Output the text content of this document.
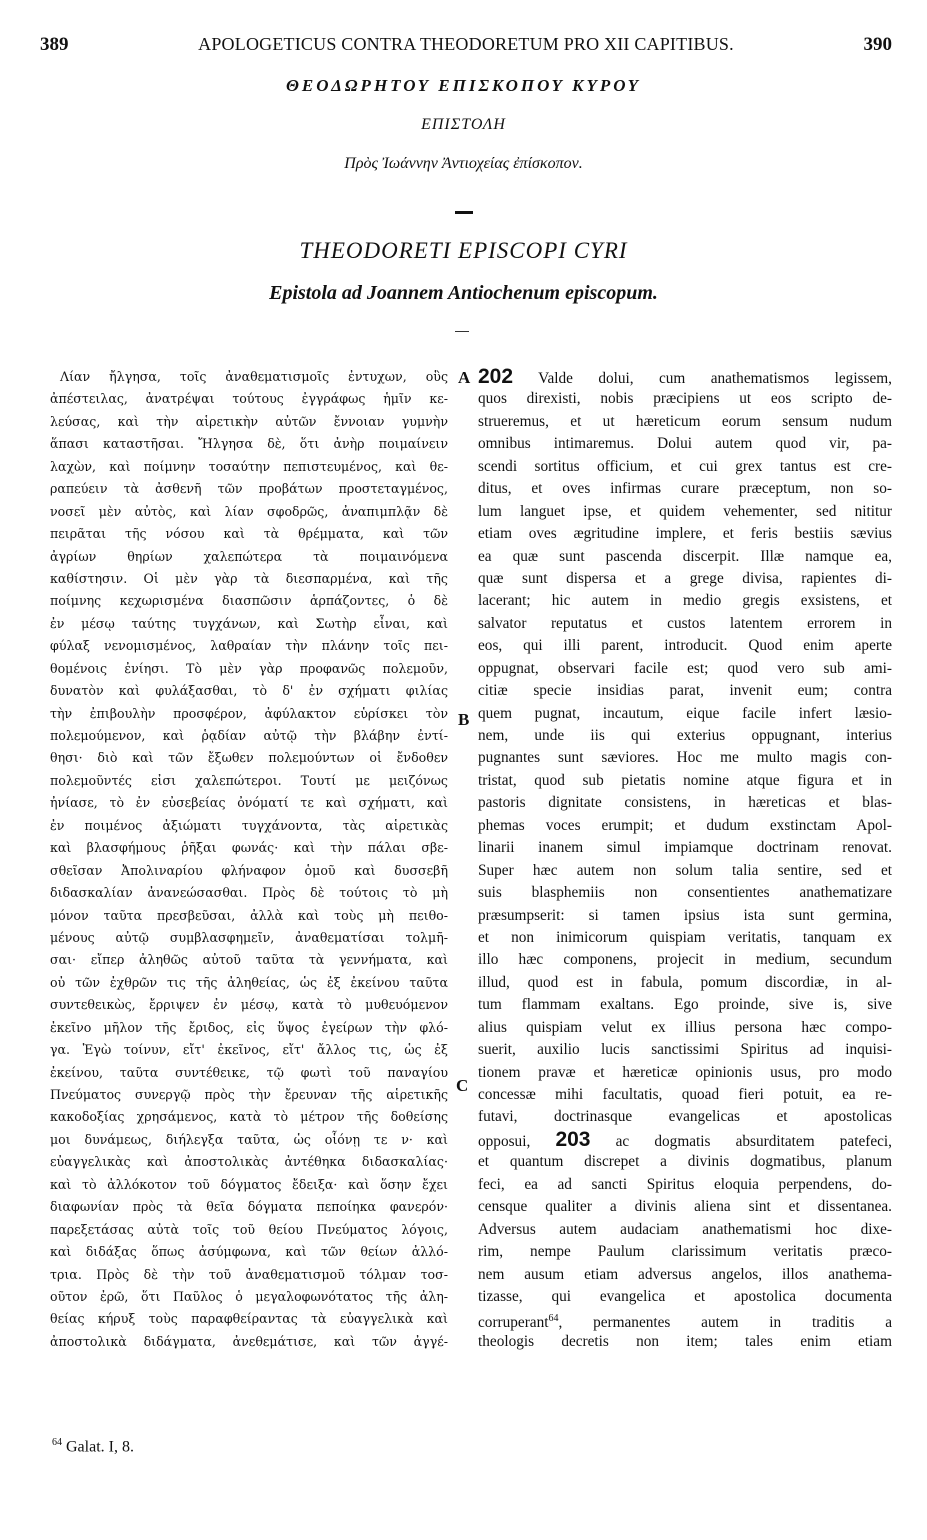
389	APOLOGETICUS CONTRA THEODORETUM PRO XII CAPITIBUS.	390
ΘΕΟΔΩΡΗΤΟΥ ΕΠΙΣΚΟΠΟΥ ΚΥΡΟΥ
ΕΠΙΣΤΟΛΗ
Πρὸς Ἰωάννην Ἀντιοχείας ἐπίσκοπον.
THEODORETI EPISCOPI CYRI
Epistola ad Joannem Antiochenum episcopum.
A
B
C
Λίαν ἤλγησα, τοῖς ἀναθεματισμοῖς ἐντυχων, οὓς
ἀπέστειλας, ἀνατρέψαι τούτους ἐγγράφως ἡμῖν κε-
λεύσας, καὶ τὴν αἱρετικὴν αὐτῶν ἔννοιαν γυμνὴν
ἅπασι καταστῆσαι. Ἤλγησα δὲ, ὅτι ἀνὴρ ποιμαίνειν
λαχὼν, καὶ ποίμνην τοσαύτην πεπιστευμένος, καὶ θε-
ραπεύειν τὰ ἀσθενῆ τῶν προβάτων προστεταγμένος,
νοσεῖ μὲν αὐτὸς, καὶ λίαν σφοδρῶς, ἀναπιμπλᾷν δὲ
πειρᾶται τῆς νόσου καὶ τὰ θρέμματα, καὶ τῶν
ἀγρίων θηρίων χαλεπώτερα τὰ ποιμαινόμενα
καθίστησιν. Οἱ μὲν γὰρ τὰ διεσπαρμένα, καὶ τῆς
ποίμνης κεχωρισμένα διασπῶσιν ἁρπάζοντες, ὁ δὲ
ἐν μέσῳ ταύτης τυγχάνων, καὶ Σωτὴρ εἶναι, καὶ
φύλαξ νενομισμένος, λαθραίαν τὴν πλάνην τοῖς πει-
θομένοις ἐνίησι. Τὸ μὲν γὰρ προφανῶς πολεμοῦν,
δυνατὸν καὶ φυλάξασθαι, τὸ δ' ἐν σχήματι φιλίας
τὴν ἐπιβουλὴν προσφέρον, ἀφύλακτον εὑρίσκει τὸν
πολεμούμενον, καὶ ῥᾳδίαν αὐτῷ τὴν βλάβην ἐντί-
θησι· διὸ καὶ τῶν ἔξωθεν πολεμούντων οἱ ἔνδοθεν
πολεμοῦντές εἰσι χαλεπώτεροι. Τουτί με μειζόνως
ἠνίασε, τὸ ἐν εὐσεβείας ὀνόματί τε καὶ σχήματι, καὶ
ἐν ποιμένος ἀξιώματι τυγχάνοντα, τὰς αἱρετικὰς
καὶ βλασφήμους ῥῆξαι φωνάς· καὶ τὴν πάλαι σβε-
σθεῖσαν Ἀπολιναρίου φλήναφον ὁμοῦ καὶ δυσσεβῆ
διδασκαλίαν ἀνανεώσασθαι. Πρὸς δὲ τούτοις τὸ μὴ
μόνον ταῦτα πρεσβεῦσαι, ἀλλὰ καὶ τοὺς μὴ πειθο-
μένους αὐτῷ συμβλασφημεῖν, ἀναθεματίσαι τολμῆ-
σαι· εἴπερ ἀληθῶς αὐτοῦ ταῦτα τὰ γεννήματα, καὶ
οὐ τῶν ἐχθρῶν τις τῆς ἀληθείας, ὡς ἐξ ἐκείνου ταῦτα
συντεθεικὼς, ἔρριψεν ἐν μέσῳ, κατὰ τὸ μυθευόμενον
ἐκεῖνο μῆλον τῆς ἔριδος, εἰς ὕψος ἐγείρων τὴν φλό-
γα. Ἐγὼ τοίνυν, εἴτ' ἐκεῖνος, εἴτ' ἄλλος τις, ὡς ἐξ
ἐκείνου, ταῦτα συντέθεικε, τῷ φωτὶ τοῦ παναγίου
Πνεύματος συνεργῷ πρὸς τὴν ἔρευναν τῆς αἱρετικῆς
κακοδοξίας χρησάμενος, κατὰ τὸ μέτρον τῆς δοθείσης
μοι δυνάμεως, διήλεγξα ταῦτα, ὡς οἷόνῃ τε ν· καὶ
εὐαγγελικὰς καὶ ἀποστολικὰς ἀντέθηκα διδασκαλίας·
καὶ τὸ ἀλλόκοτον τοῦ δόγματος ἔδειξα· καὶ ὅσην ἔχει
διαφωνίαν πρὸς τὰ θεῖα δόγματα πεποίηκα φανερόν·
παρεξετάσας αὐτὰ τοῖς τοῦ θείου Πνεύματος λόγοις,
καὶ διδάξας ὅπως ἀσύμφωνα, καὶ τῶν θείων ἀλλό-
τρια. Πρὸς δὲ τὴν τοῦ ἀναθεματισμοῦ τόλμαν τοσ-
οῦτον ἐρῶ, ὅτι Παῦλος ὁ μεγαλοφωνότατος τῆς ἀλη-
θείας κήρυξ τοὺς παραφθείραντας τὰ εὐαγγελικὰ καὶ
ἀποστολικὰ διδάγματα, ἀνεθεμάτισε, καὶ τῶν ἀγγέ-
202 Valde dolui, cum anathematismos legissem,
quos direxisti, nobis præcipiens ut eos scripto de-
strueremus, et ut hæreticum eorum sensum nudum
omnibus intimaremus. Dolui autem quod vir, pa-
scendi sortitus officium, et cui grex tantus est cre-
ditus, et oves infirmas curare præceptum, non so-
lum languet ipse, et quidem vehementer, sed nititur
etiam oves ægritudine implere, et feris bestiis sævius
ea quæ sunt pascenda discerpit. Illæ namque ea,
quæ sunt dispersa et a grege divisa, rapientes di-
lacerant; hic autem in medio gregis exsistens, et
salvator reputatus et custos latentem errorem in
eos, qui illi parent, introducit. Quod enim aperte
oppugnat, observari facile est; quod vero sub ami-
citiæ specie insidias parat, invenit eum; contra
quem pugnat, incautum, eique facile infert læsio-
nem, unde iis qui exterius oppugnant, interius
pugnantes sunt sæviores. Hoc me multo magis con-
tristat, quod sub pietatis nomine atque figura et in
pastoris dignitate consistens, in hæreticas et blas-
phemas voces erumpit; et dudum exstinctam Apol-
linarii inanem simul impiamque doctrinam renovat.
Super hæc autem non solum talia sentire, sed et
suis blasphemiis non consentientes anathematizare
præsumpserit: si tamen ipsius ista sunt germina,
et non inimicorum quispiam veritatis, tanquam ex
illo hæc componens, projecit in medium, secundum
illud, quod est in fabula, pomum discordiæ, in al-
tum flammam exaltans. Ego proinde, sive is, sive
alius quispiam velut ex illius persona hæc compo-
suerit, auxilio lucis sanctissimi Spiritus ad inquisi-
tionem pravæ et hæreticæ opinionis usus, pro modo
concessæ mihi facultatis, quoad fieri potuit, ea re-
futavi, doctrinasque evangelicas et apostolicas
opposui, 203 ac dogmatis absurditatem patefeci,
et quantum discrepet a divinis dogmatibus, planum
feci, ea ad sancti Spiritus eloquia perpendens, do-
censque qualiter a divinis aliena sint et dissentanea.
Adversus autem audaciam anathematismi hoc dixe-
rim, nempe Paulum clarissimum veritatis præco-
nem ausum etiam adversus angelos, illos anathema-
tizasse, qui evangelica et apostolica documenta
corruperant$^{64}$, permanentes autem in traditis a
theologis decretis non item; tales enim etiam
$^{64}$ Galat. I, 8.
